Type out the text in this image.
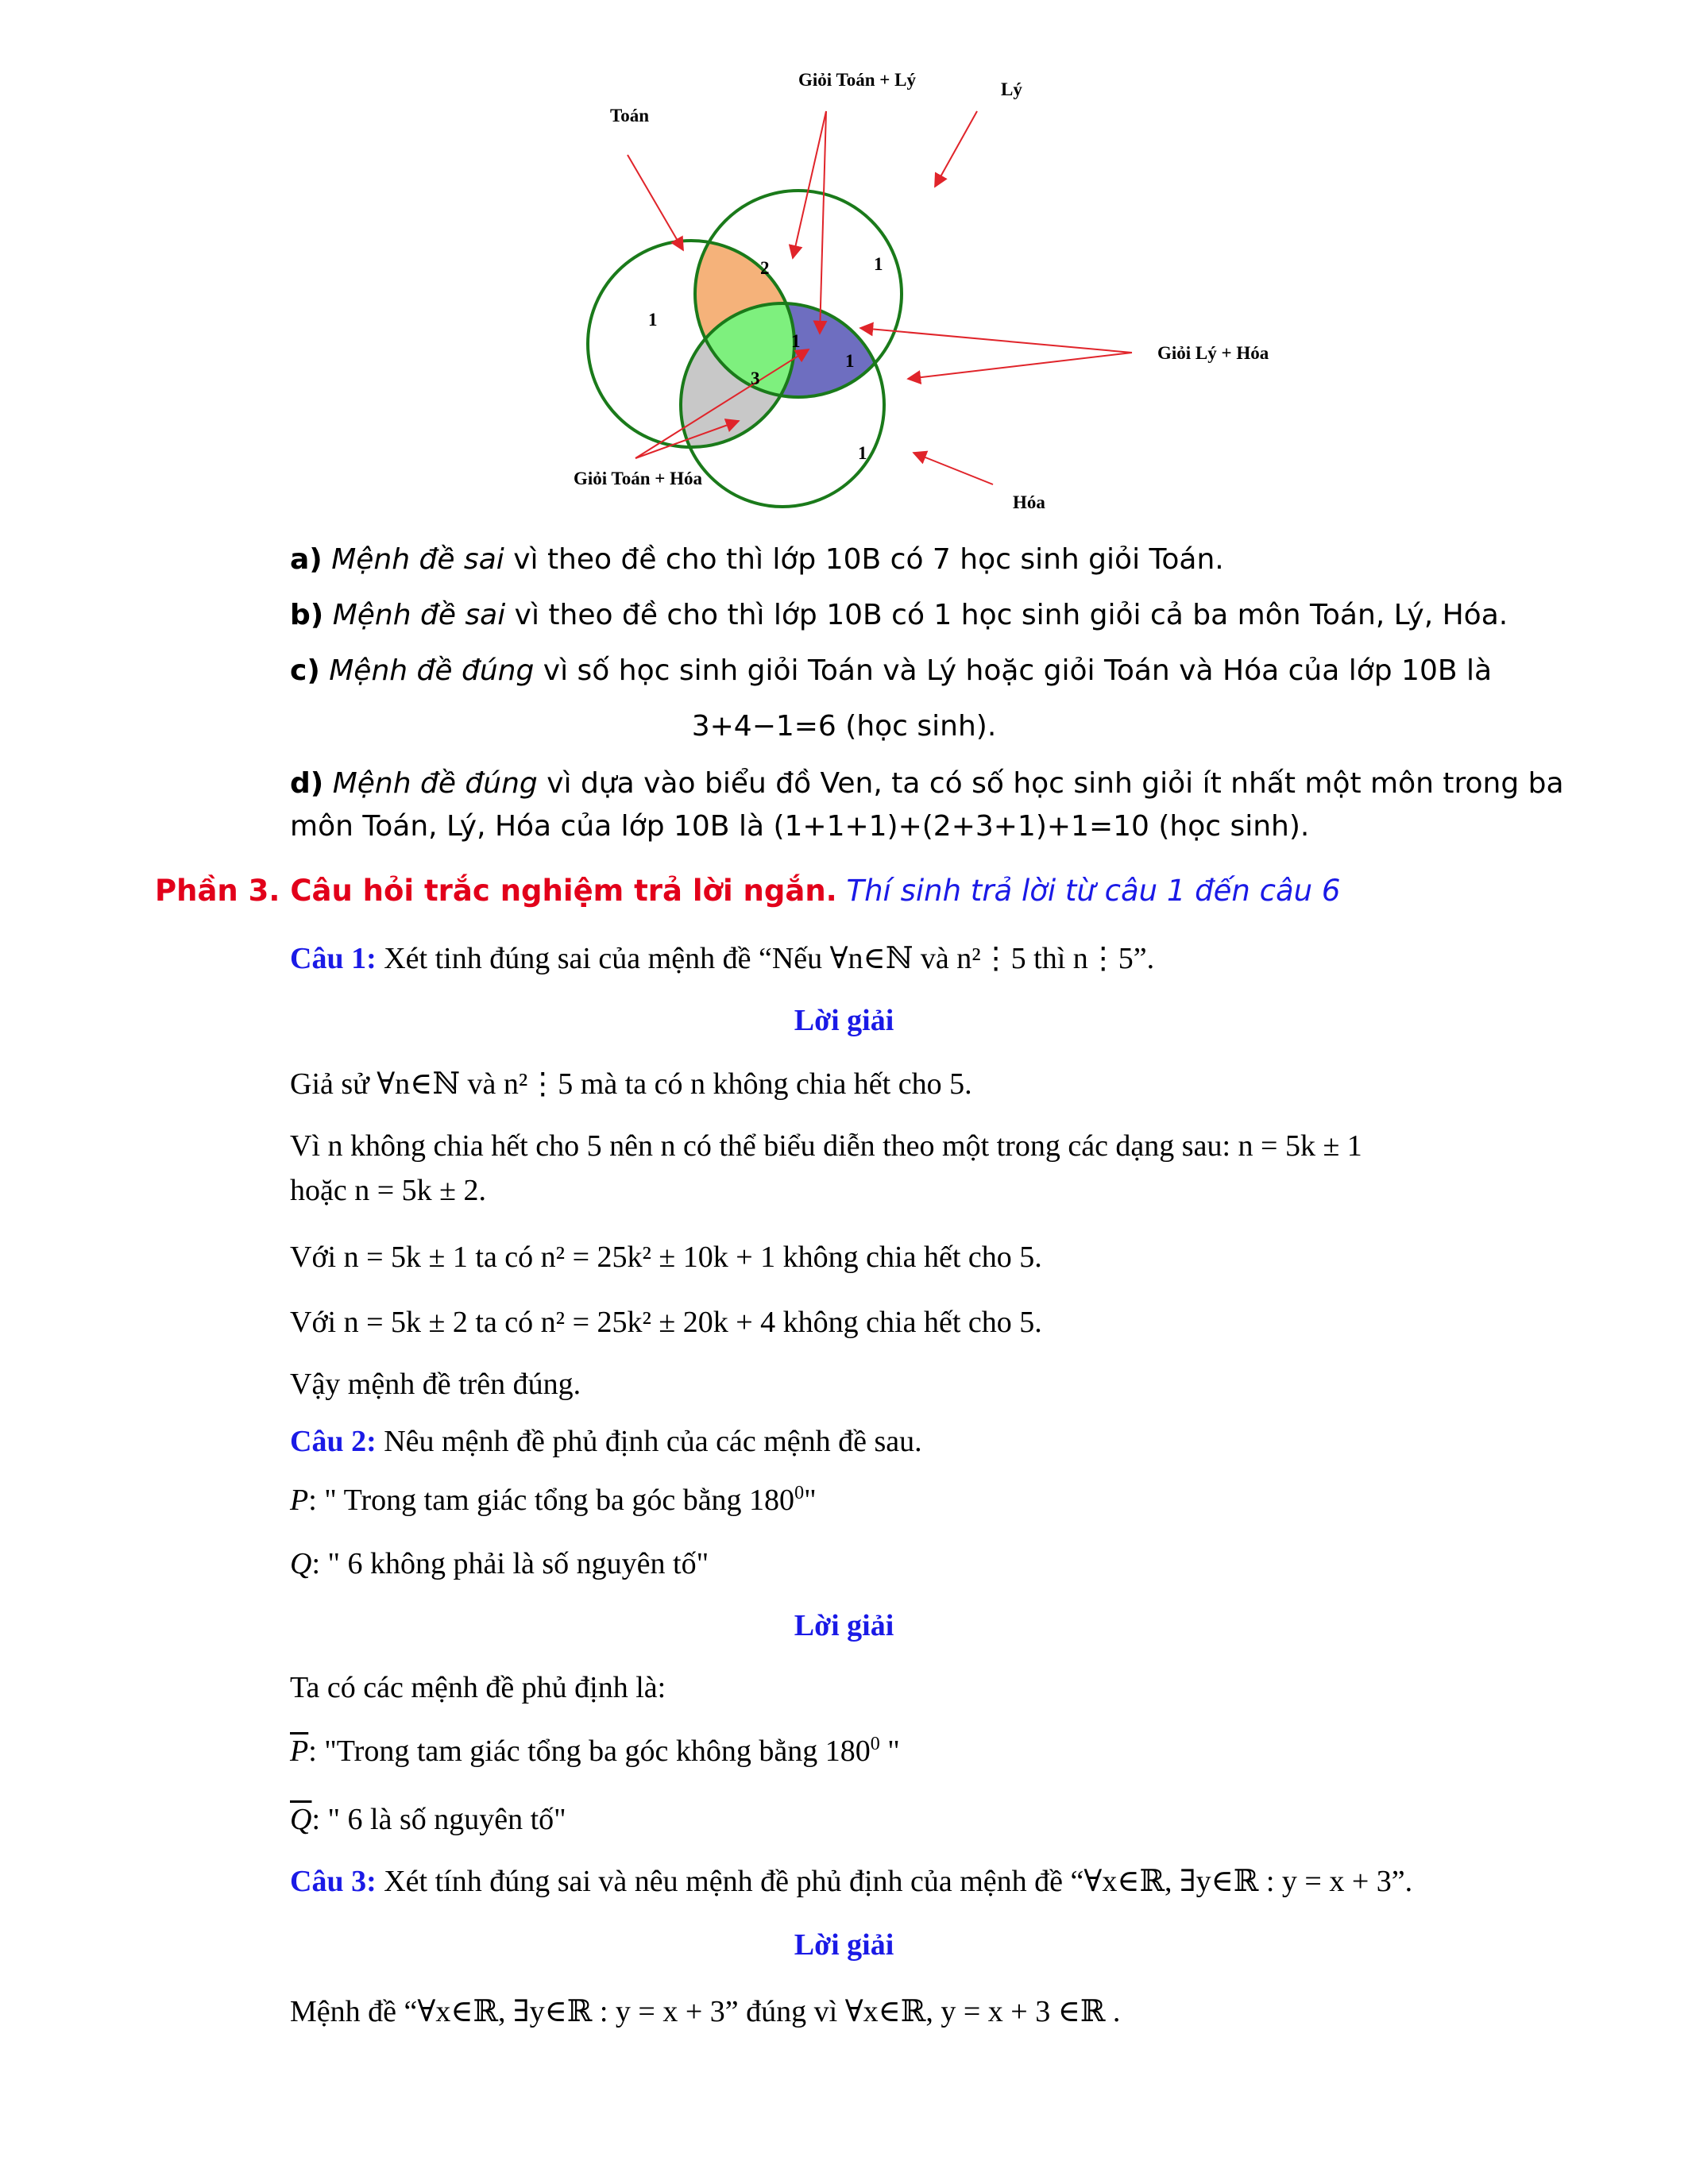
Toán
Giỏi Toán + Lý	Lý
Giỏi Lý + Hóa
Giỏi Toán + Hóa
Hóa
1
1
2
1
1
3
1
a) Mệnh đề sai vì theo đề cho thì lớp 10B có 7 học sinh giỏi Toán.
b) Mệnh đề sai vì theo đề cho thì lớp 10B có 1 học sinh giỏi cả ba môn Toán, Lý, Hóa.
c) Mệnh đề đúng vì số học sinh giỏi Toán và Lý hoặc giỏi Toán và Hóa của lớp 10B là
3+4−1=6 (học sinh).
d) Mệnh đề đúng vì dựa vào biểu đồ Ven, ta có số học sinh giỏi ít nhất một môn trong ba
môn Toán, Lý, Hóa của lớp 10B là (1+1+1)+(2+3+1)+1=10 (học sinh).
Phần 3. Câu hỏi trắc nghiệm trả lời ngắn. Thí sinh trả lời từ câu 1 đến câu 6
Câu 1: Xét tinh đúng sai của mệnh đề “Nếu ∀n∈ℕ và n²⋮5 thì n⋮5”.
Lời giải
Giả sử ∀n∈ℕ và n²⋮5 mà ta có n không chia hết cho 5.
Vì n không chia hết cho 5 nên n có thể biểu diễn theo một trong các dạng sau: n = 5k ± 1
hoặc n = 5k ± 2.
Với n = 5k ± 1 ta có n² = 25k² ± 10k + 1 không chia hết cho 5.
Với n = 5k ± 2 ta có n² = 25k² ± 20k + 4 không chia hết cho 5.
Vậy mệnh đề trên đúng.
Câu 2: Nêu mệnh đề phủ định của các mệnh đề sau.
P: " Trong tam giác tổng ba góc bằng $180^0$"
Q: " 6 không phải là số nguyên tố"
Lời giải
Ta có các mệnh đề phủ định là:
$\overline{P}$: "Trong tam giác tổng ba góc không bằng $180^0$ "
$\overline{Q}$: " 6 là số nguyên tố"
Câu 3: Xét tính đúng sai và nêu mệnh đề phủ định của mệnh đề “∀x∈ℝ, ∃y∈ℝ : y = x + 3”.
Lời giải
Mệnh đề “∀x∈ℝ, ∃y∈ℝ : y = x + 3” đúng vì ∀x∈ℝ, y = x + 3 ∈ℝ .
